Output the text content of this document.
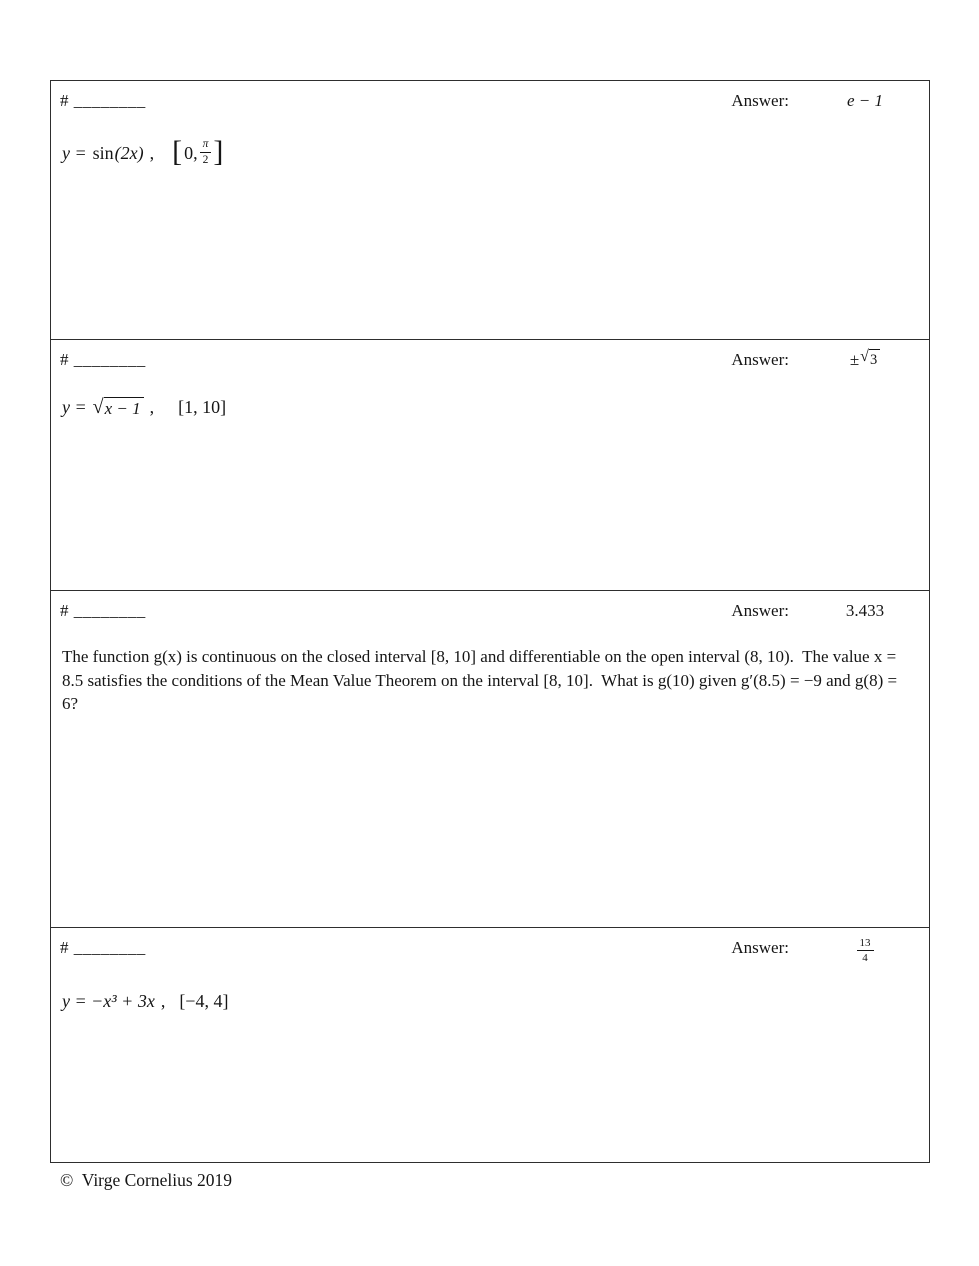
# ________	Answer:	e − 1
y = sin (2x) , [ 0, $\frac{\pi}{2}$ ]
# ________	Answer:	± √ 3
y = √ x − 1 , [1, 10]
# ________	Answer:	3.433
The function g(x) is continuous on the closed interval [8, 10] and differentiable on the open interval (8, 10).  The value x = 8.5 satisfies the conditions of the Mean Value Theorem on the interval [8, 10].  What is g(10) given g′(8.5) = −9 and g(8) =  6?
# ________	Answer:	$\frac{13}{4}$
y = −x³ + 3x , [−4, 4]
©  Virge Cornelius 2019
